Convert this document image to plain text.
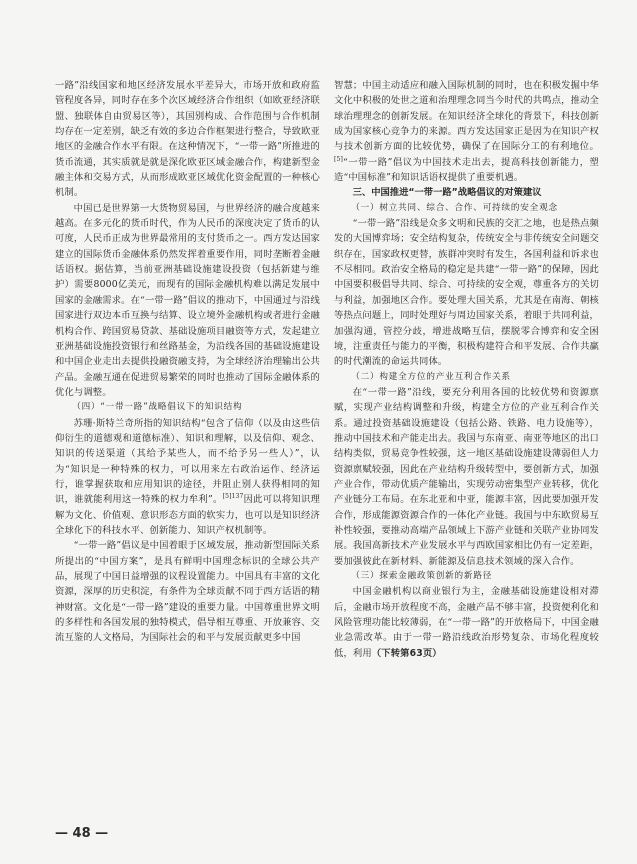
一路”沿线国家和地区经济发展水平差异大，市场开放和政府监管程度各异，同时存在多个次区域经济合作组织（如欧亚经济联盟、独联体自由贸易区等），其国别构成、合作范围与合作机制均存在一定差别，缺乏有效的多边合作框架进行整合，导致欧亚地区的金融合作水平有限。在这种情况下，“一带一路”所推进的货币流通，其实质就是就是深化欧亚区域金融合作，构建新型金融主体和交易方式，从而形成欧亚区域优化资金配置的一种核心机制。

中国已是世界第一大货物贸易国，与世界经济的融合度越来越高。在多元化的货币时代，作为人民币的深度决定了货币的认可度，人民币正成为世界最常用的支付货币之一。西方发达国家建立的国际货币金融体系仍然发挥着重要作用，同时垄断着金融话语权。据估算，当前亚洲基础设施建设投资（包括新建与维护）需要8000亿美元，而现有的国际金融机构难以满足发展中国家的金融需求。在“一带一路”倡议的推动下，中国通过与沿线国家进行双边本币互换与结算、设立境外金融机构或者进行金融机构合作、跨国贸易贷款、基础设施项目融资等方式，发起建立亚洲基础设施投资银行和丝路基金，为沿线各国的基础设施建设和中国企业走出去提供投融资融支持，为全球经济治理输出公共产品。金融互通在促进贸易繁荣的同时也推动了国际金融体系的优化与调整。

（四）“一带一路”战略倡议下的知识结构

苏珊·斯特兰奇所指的知识结构“包含了信仰（以及由这些信仰衍生的道德观和道德标准）、知识和理解，以及信仰、观念、知识的传送渠道（其给予某些人，而不给予另一些人）”，认为“知识是一种特殊的权力，可以用来左右政治运作、经济运行，谁掌握获取和应用知识的途径，并阻止别人获得相同的知识，谁就能利用这一特殊的权力牟利”。$^{[5]137}$因此可以将知识理解为文化、价值观、意识形态方面的软实力，也可以是知识经济全球化下的科技水平、创新能力、知识产权机制等。

“一带一路”倡议是中国着眼于区域发展，推动新型国际关系所提出的“中国方案”，是具有鲜明中国理念标识的全球公共产品，展现了中国日益增强的议程设置能力。中国具有丰富的文化资源，深厚的历史积淀，有条件为全球贡献不同于西方话语的精神财富。文化是“一带一路”建设的重要力量。中国尊重世界文明的多样性和各国发展的独特模式，倡导相互尊重、开放兼容、交流互鉴的人文格局，为国际社会的和平与发展贡献更多中国

智慧；中国主动适应和融入国际机制的同时，也在积极发掘中华文化中积极的处世之道和治理理念同当今时代的共鸣点，推动全球治理理念的创新发展。在知识经济全球化的背景下，科技创新成为国家核心竞争力的来源。西方发达国家正是因为在知识产权与技术创新方面的比较优势，确保了在国际分工的有利地位。[5]“一带一路”倡议为中国技术走出去，提高科技创新能力，塑造“中国标准”和知识话语权提供了重要机遇。

三、中国推进“一带一路”战略倡议的对策建议

（一）树立共同、综合、合作、可持续的安全观念

“一带一路”沿线是众多文明和民族的交汇之地，也是热点频发的大国博弈场；安全结构复杂，传统安全与非传统安全问题交织存在，国家政权更替，族群冲突时有发生，各国利益和诉求也不尽相同。政治安全格局的稳定是共建“一带一路”的保障，因此中国要积极倡导共同、综合、可持续的安全观，尊重各方的关切与利益，加强地区合作。要处理大国关系，尤其是在南海、朝核等热点问题上，同时处理好与周边国家关系，着眼于共同利益，加强沟通，管控分歧，增进战略互信，摆脱零合博弈和安全困境，注重责任与能力的平衡，积极构建符合和平发展、合作共赢的时代潮流的命运共同体。

（二）构建全方位的产业互利合作关系

在“一带一路”沿线，要充分利用各国的比较优势和资源禀赋，实现产业结构调整和升级，构建全方位的产业互利合作关系。通过投资基础设施建设（包括公路、铁路、电力设施等），推动中国技术和产能走出去。我国与东南亚、南亚等地区的出口结构类似，贸易竞争性较强，这一地区基础设施建设薄弱但人力资源禀赋较强，因此在产业结构升级转型中，要创新方式，加强产业合作，带动优质产能输出，实现劳动密集型产业转移，优化产业链分工布局。在东北亚和中亚，能源丰富，因此要加强开发合作，形成能源资源合作的一体化产业链。我国与中东欧贸易互补性较强，要推动高端产品领域上下游产业链和关联产业协同发展。我国高新技术产业发展水平与西欧国家相比仍有一定差距，要加强彼此在新材料、新能源及信息技术领域的深入合作。

（三）探索金融政策创新的新路径

中国金融机构以商业银行为主，金融基础设施建设相对滞后，金融市场开放程度不高，金融产品不够丰富，投资便利化和风险管理功能比较薄弱，在“一带一路”的开放格局下，中国金融业急需改革。由于一带一路沿线政治形势复杂、市场化程度较低，利用（下转第63页）

— 48 —
